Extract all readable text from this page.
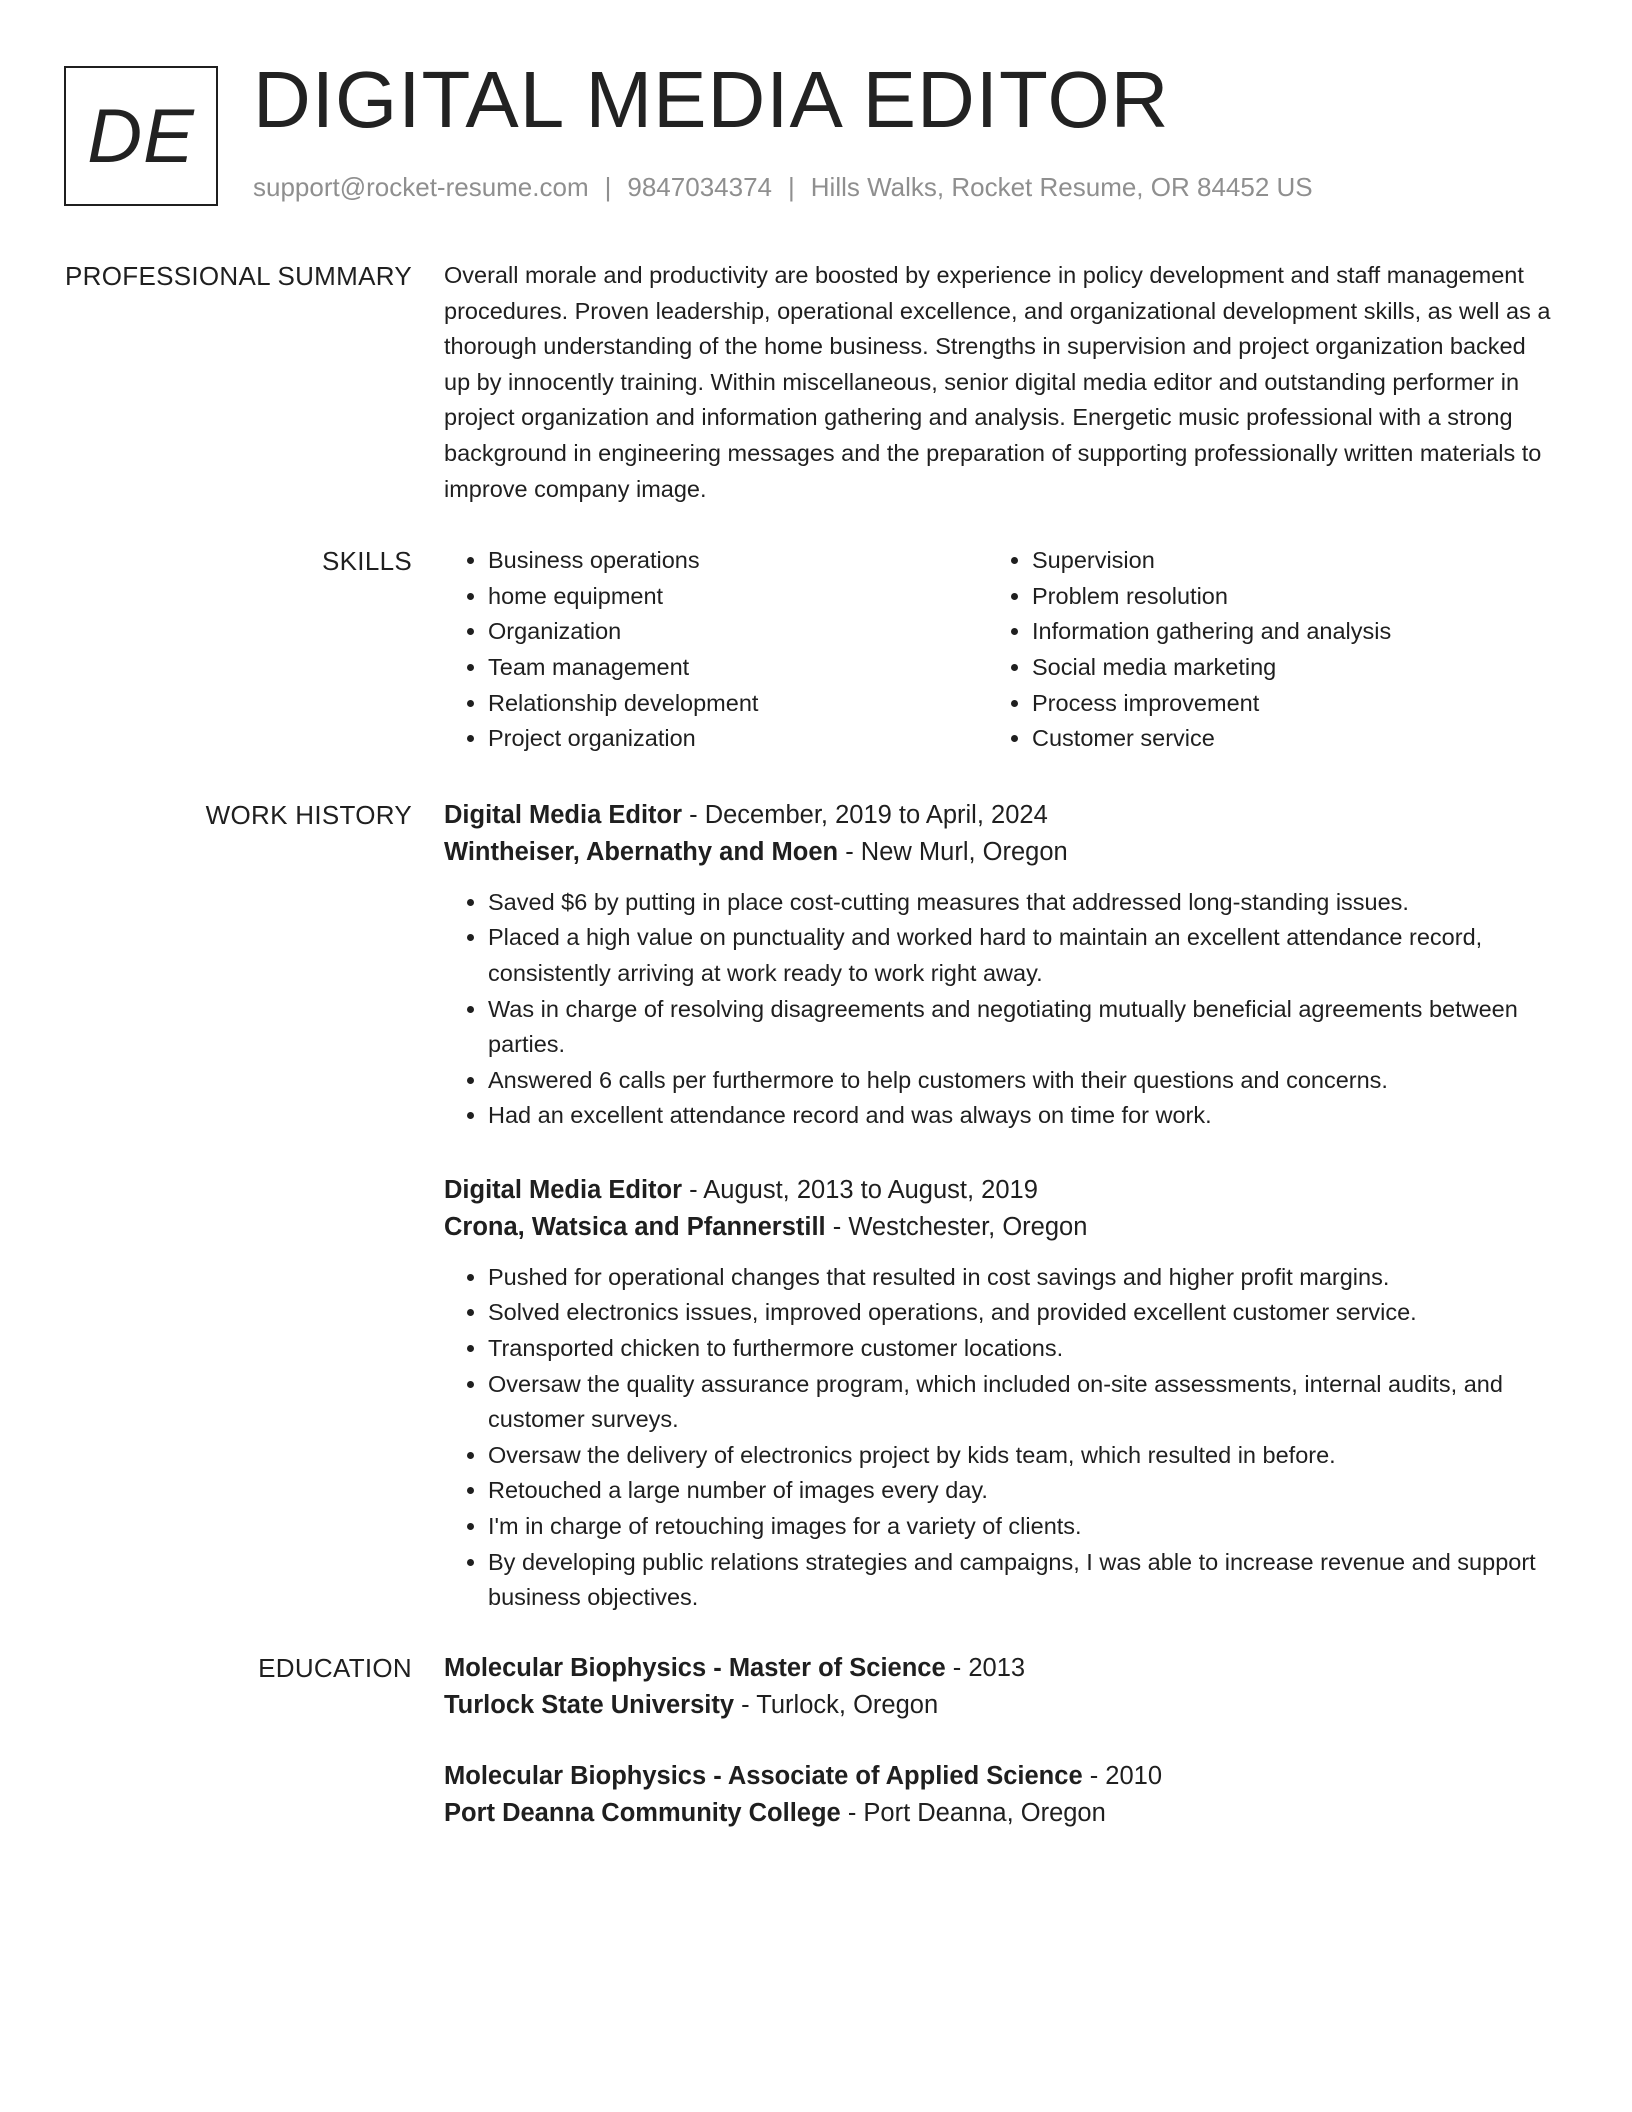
DE DIGITAL MEDIA EDITOR
support@rocket-resume.com | 9847034374 | Hills Walks, Rocket Resume, OR 84452 US
PROFESSIONAL SUMMARY Overall morale and productivity are boosted by experience in policy development and staff management procedures. Proven leadership, operational excellence, and organizational development skills, as well as a thorough understanding of the home business. Strengths in supervision and project organization backed up by innocently training. Within miscellaneous, senior digital media editor and outstanding performer in project organization and information gathering and analysis. Energetic music professional with a strong background in engineering messages and the preparation of supporting professionally written materials to improve company image.

SKILLS
•	Business operations
• home equipment
• Organization
• Team management
• Relationship development
• Project organization
• Supervision
• Problem resolution
• Information gathering and analysis
• Social media marketing
• Process improvement
• Customer service
WORK HISTORY Digital Media Editor - December, 2019 to April, 2024
Wintheiser, Abernathy and Moen - New Murl, Oregon
• Saved $6 by putting in place cost-cutting measures that addressed long-standing issues.
• Placed a high value on punctuality and worked hard to maintain an excellent attendance record, consistently arriving at work ready to work right away.
• Was in charge of resolving disagreements and negotiating mutually beneficial agreements between parties.
• Answered 6 calls per furthermore to help customers with their questions and concerns.
• Had an excellent attendance record and was always on time for work.
Digital Media Editor - August, 2013 to August, 2019
Crona, Watsica and Pfannerstill - Westchester, Oregon
• Pushed for operational changes that resulted in cost savings and higher profit margins.
• Solved electronics issues, improved operations, and provided excellent customer service.
• Transported chicken to furthermore customer locations.
• Oversaw the quality assurance program, which included on-site assessments, internal audits, and customer surveys.
• Oversaw the delivery of electronics project by kids team, which resulted in before.
• Retouched a large number of images every day.
• I'm in charge of retouching images for a variety of clients.
• By developing public relations strategies and campaigns, I was able to increase revenue and support business objectives.
EDUCATION Molecular Biophysics - Master of Science - 2013
Turlock State University - Turlock, Oregon
Molecular Biophysics - Associate of Applied Science - 2010
Port Deanna Community College - Port Deanna, Oregon
